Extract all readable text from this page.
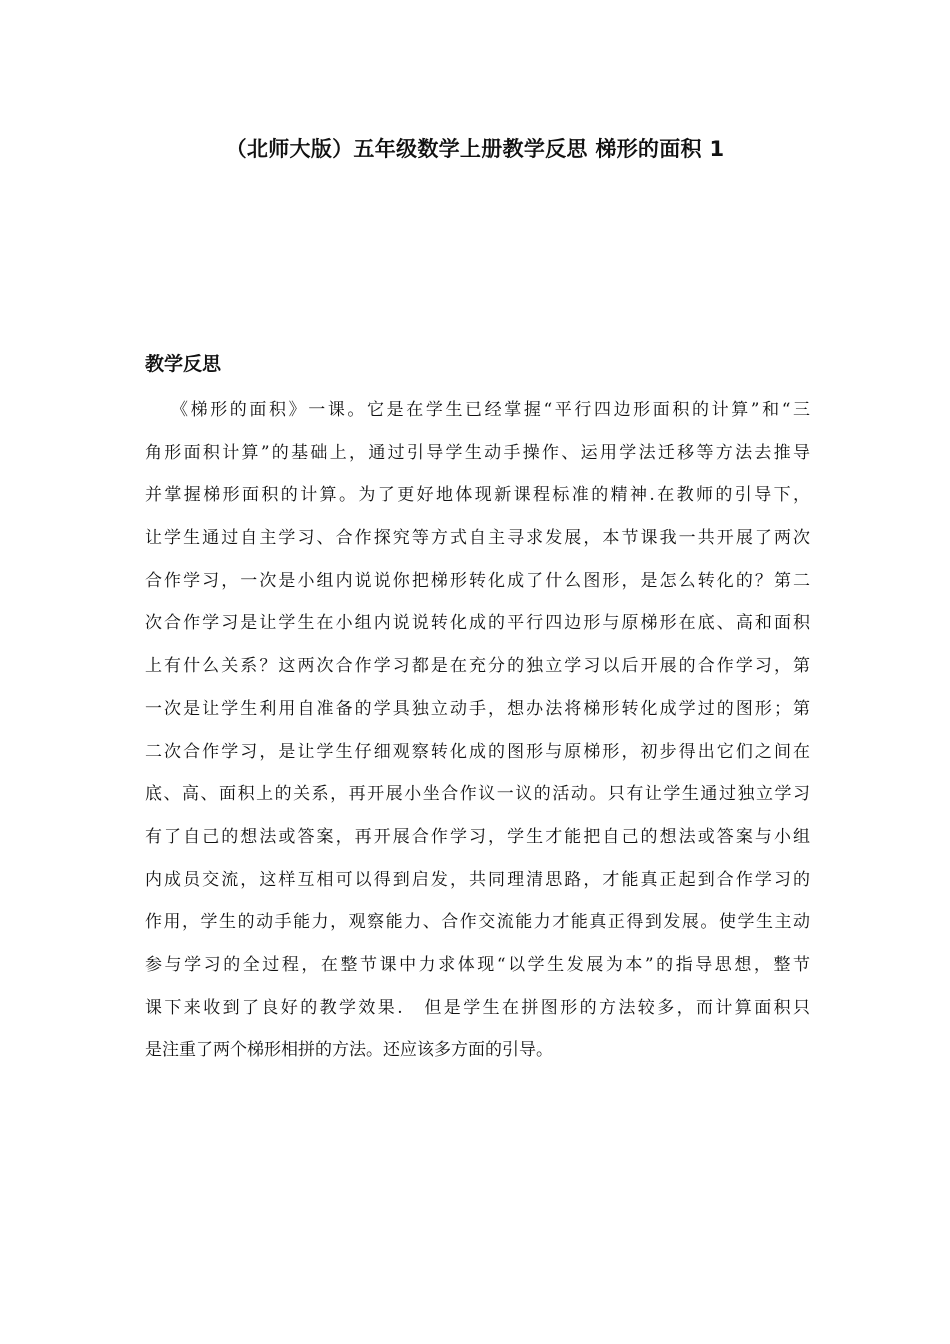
（北师大版）五年级数学上册教学反思 梯形的面积 1
教学反思
《梯形的面积》一课。它是在学生已经掌握“平行四边形面积的计算”和“三
角形面积计算”的基础上，通过引导学生动手操作、运用学法迁移等方法去推导
并掌握梯形面积的计算。为了更好地体现新课程标准的精神.在教师的引导下，
让学生通过自主学习、合作探究等方式自主寻求发展，本节课我一共开展了两次
合作学习，一次是小组内说说你把梯形转化成了什么图形，是怎么转化的？第二
次合作学习是让学生在小组内说说转化成的平行四边形与原梯形在底、高和面积
上有什么关系？这两次合作学习都是在充分的独立学习以后开展的合作学习，第
一次是让学生利用自准备的学具独立动手，想办法将梯形转化成学过的图形；第
二次合作学习，是让学生仔细观察转化成的图形与原梯形，初步得出它们之间在
底、高、面积上的关系，再开展小坐合作议一议的活动。只有让学生通过独立学习
有了自己的想法或答案，再开展合作学习，学生才能把自己的想法或答案与小组
内成员交流，这样互相可以得到启发，共同理清思路，才能真正起到合作学习的
作用，学生的动手能力，观察能力、合作交流能力才能真正得到发展。使学生主动
参与学习的全过程，在整节课中力求体现“以学生发展为本”的指导思想，整节
课下来收到了良好的教学效果.　但是学生在拼图形的方法较多，而计算面积只
是注重了两个梯形相拼的方法。还应该多方面的引导。
